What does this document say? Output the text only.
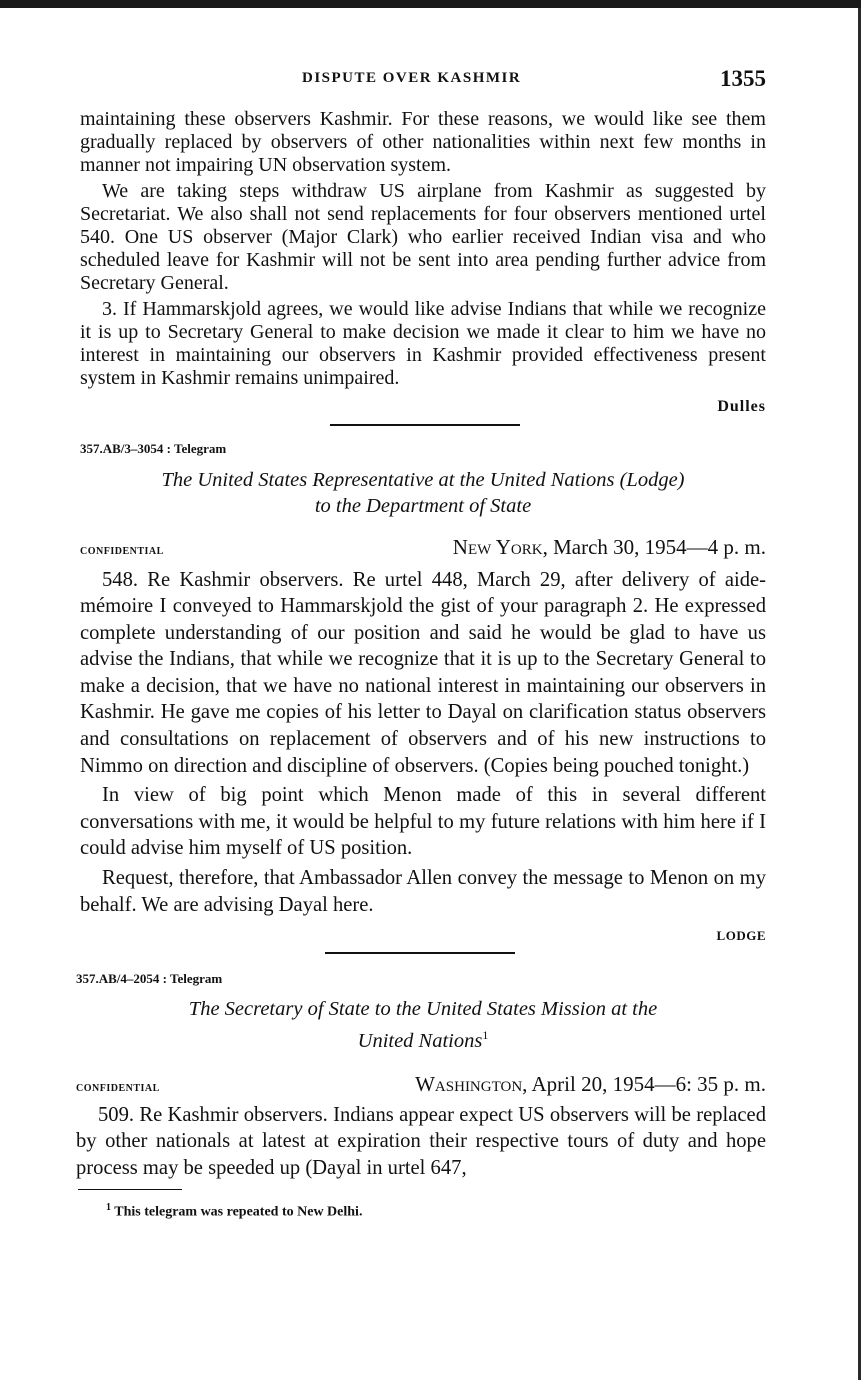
DISPUTE OVER KASHMIR	1355

maintaining these observers Kashmir. For these reasons, we would like see them gradually replaced by observers of other nationalities within next few months in manner not impairing UN observation system.

We are taking steps withdraw US airplane from Kashmir as suggested by Secretariat. We also shall not send replacements for four observers mentioned urtel 540. One US observer (Major Clark) who earlier received Indian visa and who scheduled leave for Kashmir will not be sent into area pending further advice from Secretary General.

3. If Hammarskjold agrees, we would like advise Indians that while we recognize it is up to Secretary General to make decision we made it clear to him we have no interest in maintaining our observers in Kashmir provided effectiveness present system in Kashmir remains unimpaired.

Dulles

357.AB/3–3054 : Telegram

The United States Representative at the United Nations (Lodge)
to the Department of State

confidential	New York, March 30, 1954—4 p. m.

548. Re Kashmir observers. Re urtel 448, March 29, after delivery of aide-mémoire I conveyed to Hammarskjold the gist of your paragraph 2. He expressed complete understanding of our position and said he would be glad to have us advise the Indians, that while we recognize that it is up to the Secretary General to make a decision, that we have no national interest in maintaining our observers in Kashmir. He gave me copies of his letter to Dayal on clarification status observers and consultations on replacement of observers and of his new instructions to Nimmo on direction and discipline of observers. (Copies being pouched tonight.)

In view of big point which Menon made of this in several different conversations with me, it would be helpful to my future relations with him here if I could advise him myself of US position.

Request, therefore, that Ambassador Allen convey the message to Menon on my behalf. We are advising Dayal here.

lodge

357.AB/4–2054 : Telegram

The Secretary of State to the United States Mission at the
United Nations$^1$

confidential	Washington, April 20, 1954—6: 35 p. m.

509. Re Kashmir observers. Indians appear expect US observers will be replaced by other nationals at latest at expiration their respective tours of duty and hope process may be speeded up (Dayal in urtel 647,

$^1$ This telegram was repeated to New Delhi.
